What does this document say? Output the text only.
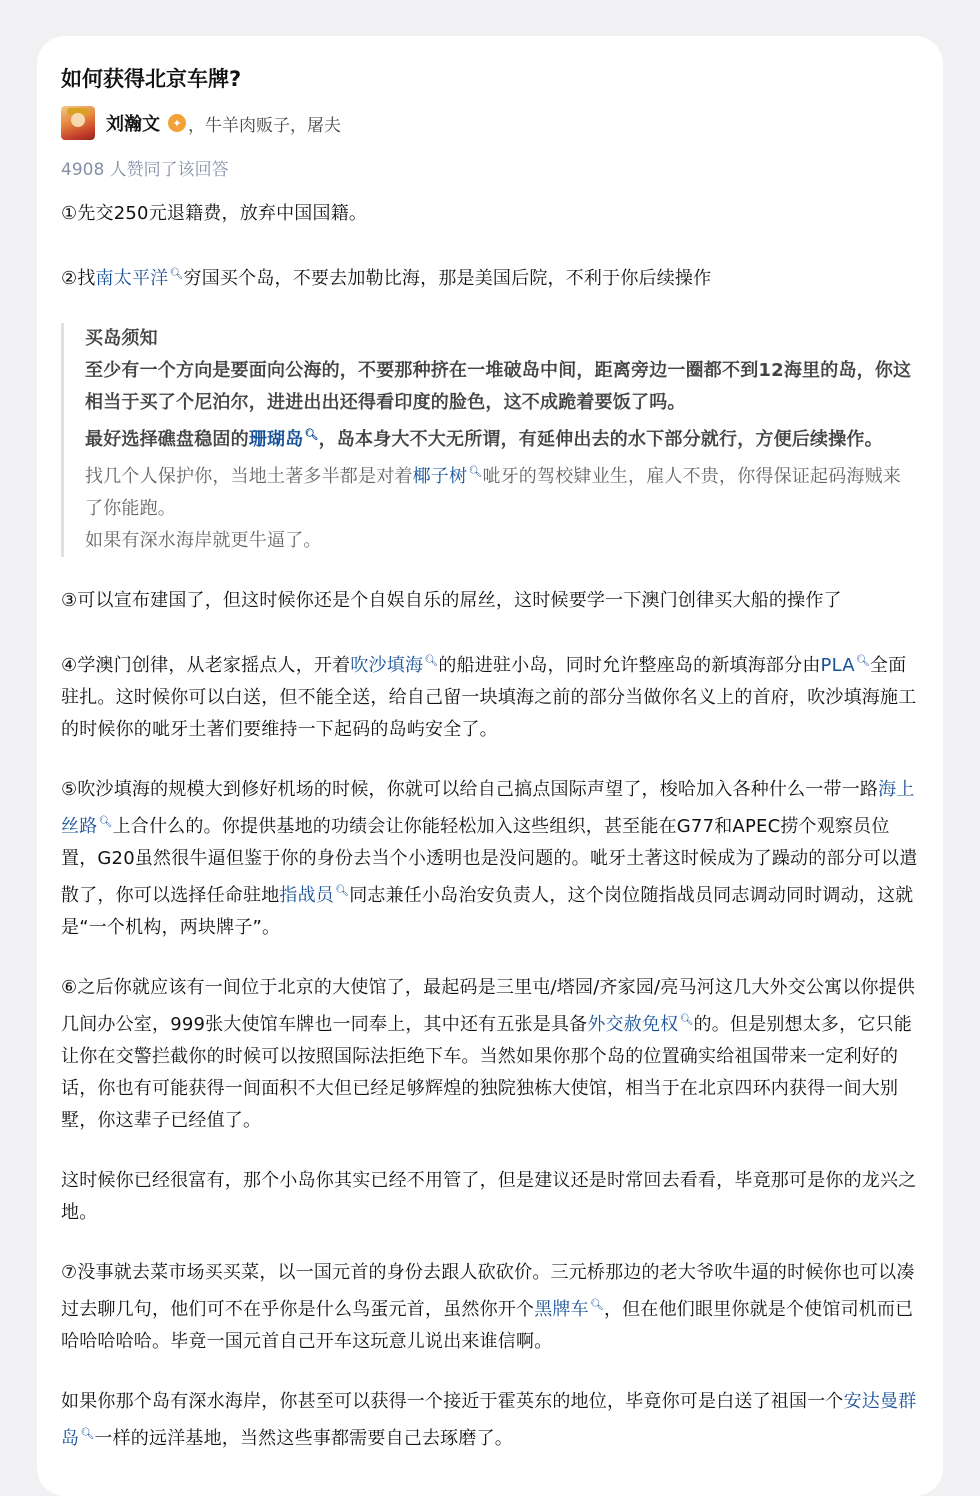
如何获得北京车牌?
刘瀚文	✦ ，牛羊肉贩子，屠夫
4908 人赞同了该回答
①先交250元退籍费，放弃中国国籍。
②找南太平洋🔍︎穷国买个岛，不要去加勒比海，那是美国后院，不利于你后续操作
买岛须知
至少有一个方向是要面向公海的，不要那种挤在一堆破岛中间，距离旁边一圈都不到12海里的岛，你这相当于买了个尼泊尔，进进出出还得看印度的脸色，这不成跪着要饭了吗。
最好选择礁盘稳固的珊瑚岛🔍︎，岛本身大不大无所谓，有延伸出去的水下部分就行，方便后续操作。
找几个人保护你，当地土著多半都是对着椰子树🔍︎呲牙的驾校肄业生，雇人不贵，你得保证起码海贼来了你能跑。
如果有深水海岸就更牛逼了。
③可以宣布建国了，但这时候你还是个自娱自乐的屌丝，这时候要学一下澳门创律买大船的操作了
④学澳门创律，从老家摇点人，开着吹沙填海🔍︎的船进驻小岛，同时允许整座岛的新填海部分由PLA🔍︎全面驻扎。这时候你可以白送，但不能全送，给自己留一块填海之前的部分当做你名义上的首府，吹沙填海施工的时候你的呲牙土著们要维持一下起码的岛屿安全了。
⑤吹沙填海的规模大到修好机场的时候，你就可以给自己搞点国际声望了，梭哈加入各种什么一带一路海上丝路🔍︎上合什么的。你提供基地的功绩会让你能轻松加入这些组织，甚至能在G77和APEC捞个观察员位置，G20虽然很牛逼但鉴于你的身份去当个小透明也是没问题的。呲牙土著这时候成为了躁动的部分可以遣散了，你可以选择任命驻地指战员🔍︎同志兼任小岛治安负责人，这个岗位随指战员同志调动同时调动，这就是“一个机构，两块牌子”。
⑥之后你就应该有一间位于北京的大使馆了，最起码是三里屯/塔园/齐家园/亮马河这几大外交公寓以你提供几间办公室，999张大使馆车牌也一同奉上，其中还有五张是具备外交赦免权🔍︎的。但是别想太多，它只能让你在交警拦截你的时候可以按照国际法拒绝下车。当然如果你那个岛的位置确实给祖国带来一定利好的话，你也有可能获得一间面积不大但已经足够辉煌的独院独栋大使馆，相当于在北京四环内获得一间大别墅，你这辈子已经值了。
这时候你已经很富有，那个小岛你其实已经不用管了，但是建议还是时常回去看看，毕竟那可是你的龙兴之地。
⑦没事就去菜市场买买菜，以一国元首的身份去跟人砍砍价。三元桥那边的老大爷吹牛逼的时候你也可以凑过去聊几句，他们可不在乎你是什么鸟蛋元首，虽然你开个黑牌车🔍︎，但在他们眼里你就是个使馆司机而已哈哈哈哈哈。毕竟一国元首自己开车这玩意儿说出来谁信啊。
如果你那个岛有深水海岸，你甚至可以获得一个接近于霍英东的地位，毕竟你可是白送了祖国一个安达曼群岛🔍︎一样的远洋基地，当然这些事都需要自己去琢磨了。
